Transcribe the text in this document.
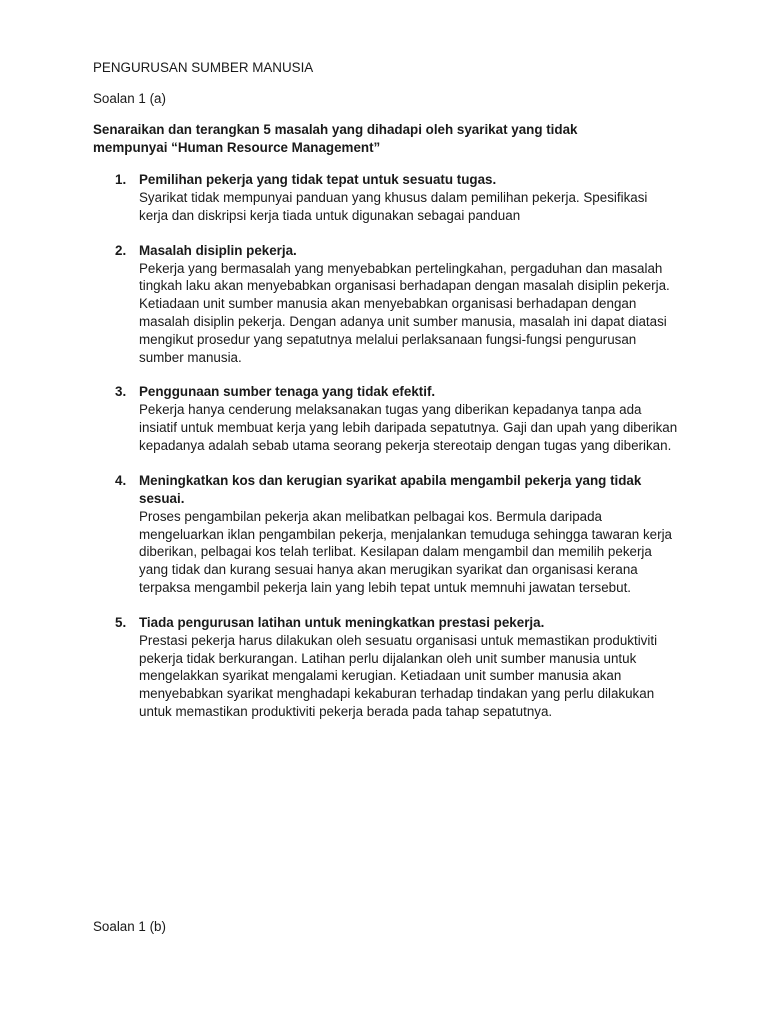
PENGURUSAN SUMBER MANUSIA

Soalan 1 (a)

Senaraikan dan terangkan 5 masalah yang dihadapi oleh syarikat yang tidak mempunyai “Human Resource Management”

1. Pemilihan pekerja yang tidak tepat untuk sesuatu tugas.

Syarikat tidak mempunyai panduan yang khusus dalam pemilihan pekerja. Spesifikasi kerja dan diskripsi kerja tiada untuk digunakan sebagai panduan

2. Masalah disiplin pekerja.

Pekerja yang bermasalah yang menyebabkan pertelingkahan, pergaduhan dan masalah tingkah laku akan menyebabkan organisasi berhadapan dengan masalah disiplin pekerja. Ketiadaan unit sumber manusia akan menyebabkan organisasi berhadapan dengan masalah disiplin pekerja. Dengan adanya unit sumber manusia, masalah ini dapat diatasi mengikut prosedur yang sepatutnya melalui perlaksanaan fungsi-fungsi pengurusan sumber manusia.

3. Penggunaan sumber tenaga yang tidak efektif.

Pekerja hanya cenderung melaksanakan tugas yang diberikan kepadanya tanpa ada insiatif untuk membuat kerja yang lebih daripada sepatutnya. Gaji dan upah yang diberikan kepadanya adalah sebab utama seorang pekerja stereotaip dengan tugas yang diberikan.

4. Meningkatkan kos dan kerugian syarikat apabila mengambil pekerja yang tidak sesuai.

Proses pengambilan pekerja akan melibatkan pelbagai kos. Bermula daripada mengeluarkan iklan pengambilan pekerja, menjalankan temuduga sehingga tawaran kerja diberikan, pelbagai kos telah terlibat. Kesilapan dalam mengambil dan memilih pekerja yang tidak dan kurang sesuai hanya akan merugikan syarikat dan organisasi kerana terpaksa mengambil pekerja lain yang lebih tepat untuk memnuhi jawatan tersebut.

5. Tiada pengurusan latihan untuk meningkatkan prestasi pekerja.

Prestasi pekerja harus dilakukan oleh sesuatu organisasi untuk memastikan produktiviti pekerja tidak berkurangan. Latihan perlu dijalankan oleh unit sumber manusia untuk mengelakkan syarikat mengalami kerugian. Ketiadaan unit sumber manusia akan menyebabkan syarikat menghadapi kekaburan terhadap tindakan yang perlu dilakukan untuk memastikan produktiviti pekerja berada pada tahap sepatutnya.

Soalan 1 (b)
